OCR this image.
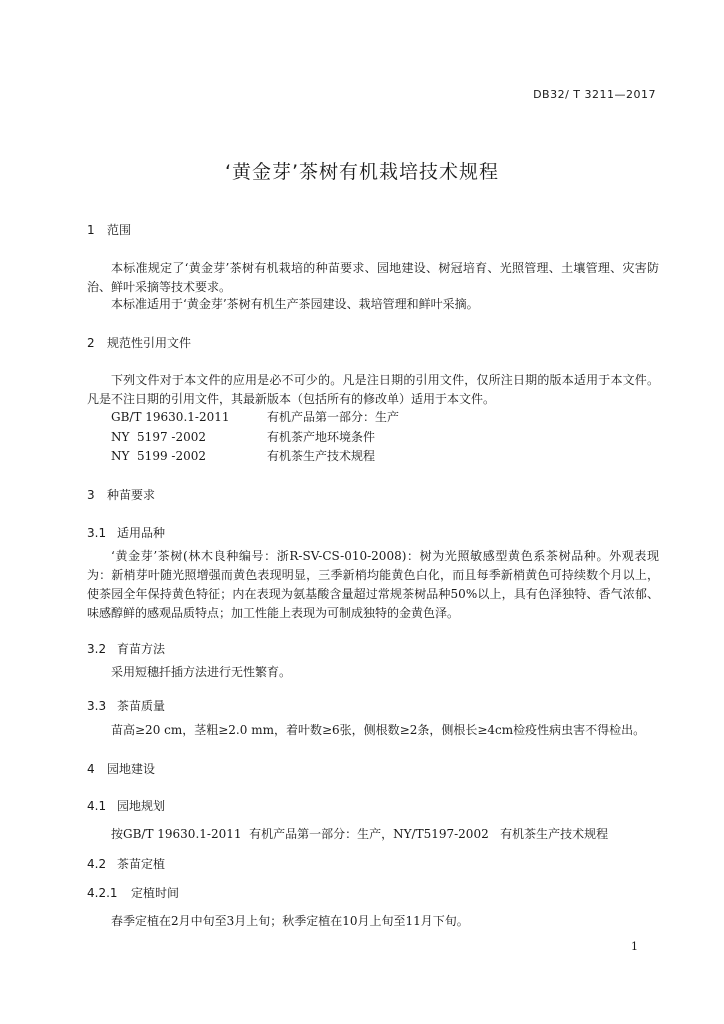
DB32/ T 3211—2017
‘黄金芽’茶树有机栽培技术规程
1 范围
本标准规定了‘黄金芽’茶树有机栽培的种苗要求、园地建设、树冠培育、光照管理、土壤管理、灾害防治、鲜叶采摘等技术要求。
本标准适用于‘黄金芽’茶树有机生产茶园建设、栽培管理和鲜叶采摘。
2 规范性引用文件
下列文件对于本文件的应用是必不可少的。凡是注日期的引用文件，仅所注日期的版本适用于本文件。凡是不注日期的引用文件，其最新版本（包括所有的修改单）适用于本文件。
GB/T 19630.1-2011	有机产品第一部分：生产
NY  5197 -2002	有机茶产地环境条件
NY  5199 -2002	有机茶生产技术规程
3 种苗要求
3.1 适用品种
‘黄金芽’茶树(林木良种编号：浙R-SV-CS-010-2008)：树为光照敏感型黄色系茶树品种。外观表现为：新梢芽叶随光照增强而黄色表现明显，三季新梢均能黄色白化，而且每季新梢黄色可持续数个月以上，使茶园全年保持黄色特征；内在表现为氨基酸含量超过常规茶树品种50%以上，具有色泽独特、香气浓郁、味感醇鲜的感观品质特点；加工性能上表现为可制成独特的金黄色泽。
3.2 育苗方法
采用短穗扦插方法进行无性繁育。
3.3 茶苗质量
苗高≥20 cm，茎粗≥2.0 mm，着叶数≥6张，侧根数≥2条，侧根长≥4cm检疫性病虫害不得检出。
4 园地建设
4.1 园地规划
按GB/T 19630.1-2011  有机产品第一部分：生产，NY/T5197-2002   有机茶生产技术规程
4.2 茶苗定植
4.2.1 定植时间
春季定植在2月中旬至3月上旬；秋季定植在10月上旬至11月下旬。
1
